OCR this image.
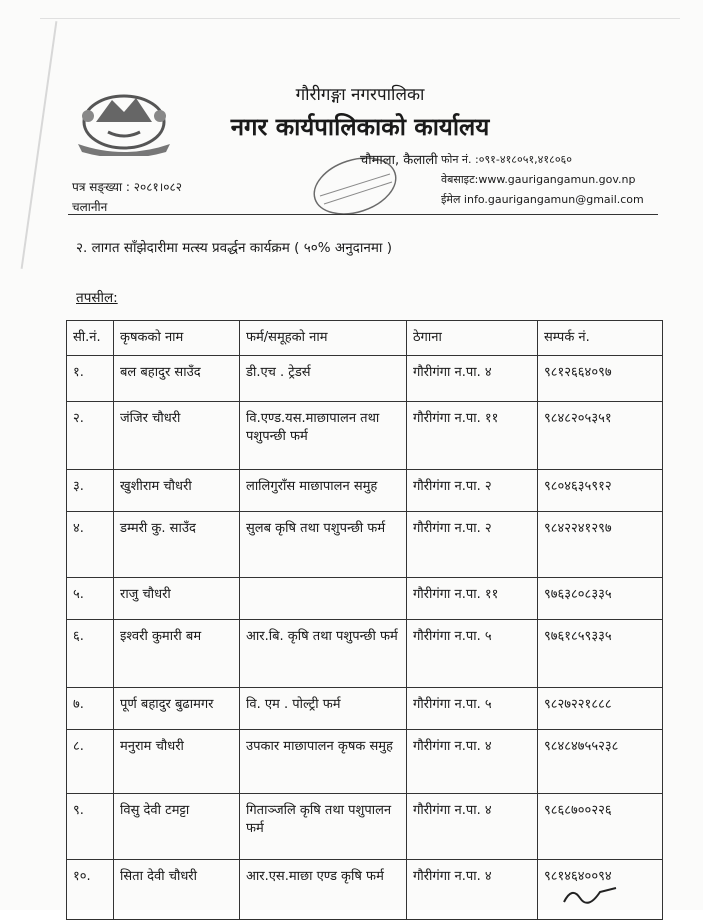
गौरीगङ्गा नगरपालिका
नगर कार्यपालिकाको कार्यालय
चौमाला, कैलाली
पत्र सङ्ख्या : २०८१।०८२
चलानीन
फोन नं. :०९१-४१८०५१,४१८०६०
वेबसाइट:www.gaurigangamun.gov.np
ईमेल info.gaurigangamun@gmail.com
२. लागत साँझेदारीमा मत्स्य प्रवर्द्धन कार्यक्रम ( ५०% अनुदानमा )
तपसील:
सी.नं.	कृषकको नाम	फर्म/समूहको नाम	ठेगाना	सम्पर्क नं.
१.	बल बहादुर साउँद	डी.एच . ट्रेडर्स	गौरीगंगा न.पा. ४	९८१२६६४०९७
२.	जंजिर चौधरी	वि.एण्ड.यस.माछापालन तथा पशुपन्छी फर्म	गौरीगंगा न.पा. ११	९८४८२०५३५१
३.	खुशीराम चौधरी	लालिगुराँस माछापालन समुह	गौरीगंगा न.पा. २	९८०४६३५९१२
४.	डम्मरी कु. साउँद	सुलब कृषि तथा पशुपन्छी फर्म	गौरीगंगा न.पा. २	९८४२२४१२९७
५.	राजु चौधरी		गौरीगंगा न.पा. ११	९७६३८०८३३५
६.	इश्वरी कुमारी बम	आर.बि. कृषि तथा पशुपन्छी फर्म	गौरीगंगा न.पा. ५	९७६१८५९३३५
७.	पूर्ण बहादुर बुढामगर	वि. एम . पोल्ट्री फर्म	गौरीगंगा न.पा. ५	९८२७२२१८८८
८.	मनुराम चौधरी	उपकार माछापालन कृषक समुह	गौरीगंगा न.पा. ४	९८४८४७५५२३८
९.	विसु देवी टमट्टा	गिताञ्जलि कृषि तथा पशुपालन फर्म	गौरीगंगा न.पा. ४	९८६८७००२२६
१०.	सिता देवी चौधरी	आर.एस.माछा एण्ड कृषि फर्म	गौरीगंगा न.पा. ४	९८१४६४००९४
